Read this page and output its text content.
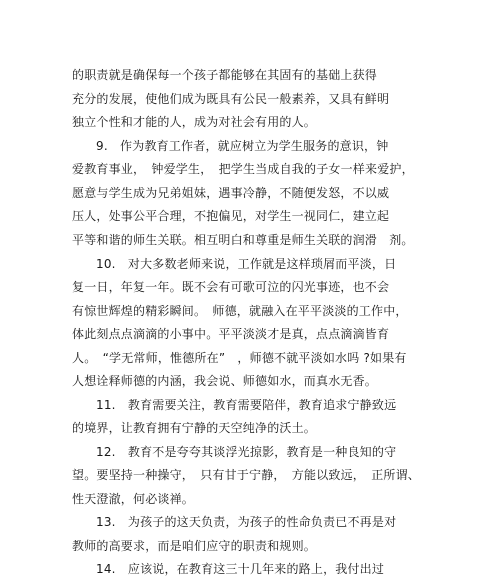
的职责就是确保每一个孩子都能够在其固有的基础上获得
充分的发展，使他们成为既具有公民一般素养，又具有鲜明
独立个性和才能的人，成为对社会有用的人。
9.　作为教育工作者，就应树立为学生服务的意识，钟
爱教育事业，　钟爱学生，　把学生当成自我的子女一样来爱护，
愿意与学生成为兄弟姐妹，遇事冷静，不随便发怒，不以威
压人，处事公平合理，不抱偏见，对学生一视同仁，建立起
平等和谐的师生关联。相互明白和尊重是师生关联的润滑　剂。
10.　对大多数老师来说，工作就是这样琐屑而平淡，日
复一日，年复一年。既不会有可歌可泣的闪光事迹，也不会
有惊世辉煌的精彩瞬间。　师德，就融入在平平淡淡的工作中，
体此刻点点滴滴的小事中。平平淡淡才是真，点点滴滴皆育
人。　“学无常师，惟德所在”　，师德不就平淡如水吗 ?如果有
人想诠释师德的内涵，我会说、师德如水，而真水无香。
11.　教育需要关注，教育需要陪伴，教育追求宁静致远
的境界，让教育拥有宁静的天空纯净的沃土。
12.　教育不是夸夸其谈浮光掠影，教育是一种良知的守
望。要坚持一种操守，　只有甘于宁静，　方能以致远，　正所谓、
性天澄澈，何必谈禅。
13.　为孩子的这天负责，为孩子的性命负责已不再是对
教师的高要求，而是咱们应守的职责和规则。
14.　应该说，在教育这三十几年来的路上，我付出过
